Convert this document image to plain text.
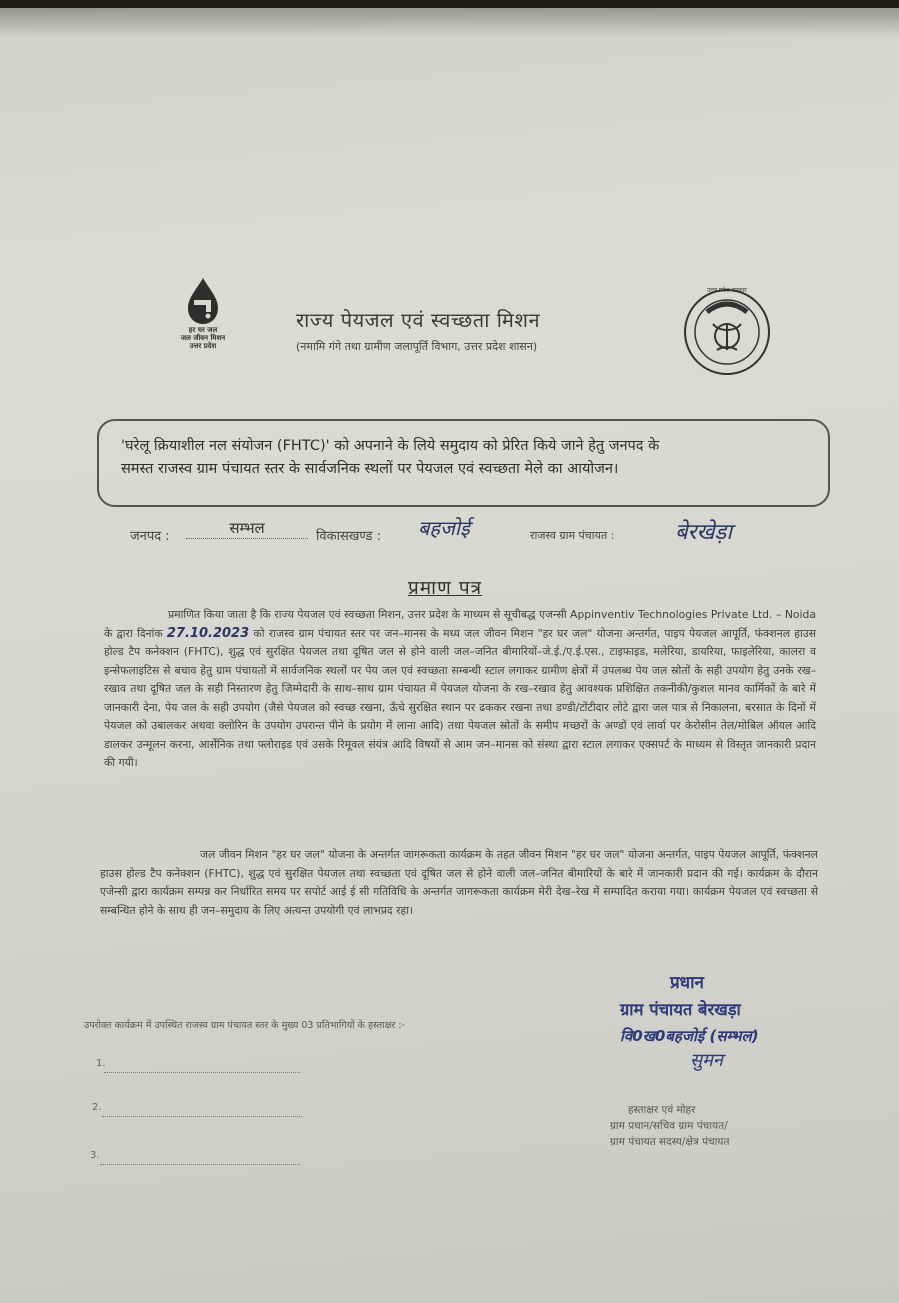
हर घर जल
जल जीवन मिशन
उत्तर प्रदेश
राज्य पेयजल एवं स्वच्छता मिशन
(नमामि गंगे तथा ग्रामीण जलापूर्ति विभाग, उत्तर प्रदेश शासन)
उत्तर प्रदेश सरकार
'घरेलू क्रियाशील नल संयोजन (FHTC)' को अपनाने के लिये समुदाय को प्रेरित किये जाने हेतु जनपद के
समस्त राजस्व ग्राम पंचायत स्तर के सार्वजनिक स्थलों पर पेयजल एवं स्वच्छता मेले का आयोजन।
जनपद :	सम्भल	विकासखण्ड : बहजोई	राजस्व ग्राम पंचायत :	बेरखेड़ा
प्रमाण पत्र
प्रमाणित किया जाता है कि राज्य पेयजल एवं स्वच्छता मिशन, उत्तर प्रदेश के माध्यम से सूचीबद्ध एजन्सी Appinventiv Technologies Private Ltd. – Noida के द्वारा दिनांक 27.10.2023 को राजस्व ग्राम पंचायत स्तर पर जन–मानस के मध्य जल जीवन मिशन "हर घर जल" योजना अन्तर्गत, पाइप पेयजल आपूर्ति, फंक्शनल हाउस होल्ड टैप कनेक्शन (FHTC), शुद्ध एवं सुरक्षित पेयजल तथा दूषित जल से होने वाली जल–जनित बीमारियों–जे.ई./ए.ई.एस., टाइफाइड, मलेरिया, डायरिया, फाइलेरिया, कालरा व इन्सेफलाइटिस से बचाव हेतु ग्राम पंचायतों में सार्वजनिक स्थलों पर पेय जल एवं स्वच्छता सम्बन्धी स्टाल लगाकर ग्रामीण क्षेत्रों में उपलब्ध पेय जल स्रोतों के सही उपयोग हेतु उनके रख–रखाव तथा दूषित जल के सही निस्तारण हेतु जिम्मेदारी के साथ–साथ ग्राम पंचायत में पेयजल योजना के रख–रखाव हेतु आवश्यक प्रशिक्षित तकनीकी/कुशल मानव कार्मिकों के बारे में जानकारी देना, पेय जल के सही उपयोग (जैसे पेयजल को स्वच्छ रखना, ऊँचे सुरक्षित स्थान पर ढककर रखना तथा डण्डी/टोंटीदार लोटे द्वारा जल पात्र से निकालना, बरसात के दिनों में पेयजल को उबालकर अथवा क्लोरिन के उपयोग उपरान्त पीने के प्रयोग में लाना आदि) तथा पेयजल स्रोतों के समीप मच्छरों के अण्डों एवं लार्वा पर केरोसीन तेल/मोबिल ऑयल आदि डालकर उन्मूलन करना, आर्सेनिक तथा फ्लोराइड एवं उसके रिमूवल संयंत्र आदि विषयों से आम जन–मानस को संस्था द्वारा स्टाल लगाकर एक्सपर्ट के माध्यम से विस्तृत जानकारी प्रदान की गयी।
जल जीवन मिशन "हर घर जल" योजना के अन्तर्गत जागरूकता कार्यक्रम के तहत जीवन मिशन "हर घर जल" योजना अन्तर्गत, पाइप पेयजल आपूर्ति, फंक्शनल हाउस होल्ड टैप कनेक्शन (FHTC), शुद्ध एवं सुरक्षित पेयजल तथा स्वच्छता एवं दूषित जल से होने वाली जल–जनित बीमारियों के बारे में जानकारी प्रदान की गई। कार्यक्रम के दौरान एजेन्सी द्वारा कार्यक्रम सम्पन्न कर निर्धारित समय पर सपोर्ट आई ई सी गतिविधि के अन्तर्गत जागरूकता कार्यक्रम मेरी देख–रेख में सम्पादित कराया गया। कार्यक्रम पेयजल एवं स्वच्छता से सम्बन्धित होने के साथ ही जन–समुदाय के लिए अत्यन्त उपयोगी एवं लाभप्रद रहा।
उपरोक्त कार्यक्रम में उपस्थित राजस्व ग्राम पंचायत स्तर के मुख्य 03 प्रतिभागियों के हस्ताक्षर :-
1.
2.
3.
प्रधान
ग्राम पंचायत बेरखड़ा
वि0ख0बहजोई (सम्भल)
सुमन
हस्ताक्षर एवं मोहर
ग्राम प्रधान/सचिव ग्राम पंचायत/
ग्राम पंचायत सदस्य/क्षेत्र पंचायत
